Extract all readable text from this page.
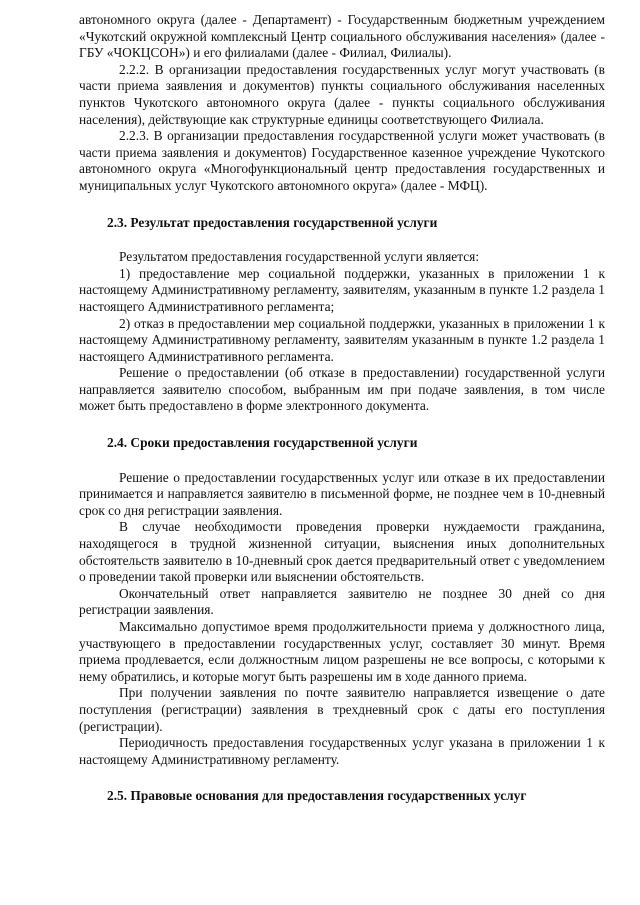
автономного округа (далее - Департамент) - Государственным бюджетным учреждением «Чукотский окружной комплексный Центр социального обслуживания населения» (далее - ГБУ «ЧОКЦСОН») и его филиалами (далее - Филиал, Филиалы).

2.2.2. В организации предоставления государственных услуг могут участвовать (в части приема заявления и документов) пункты социального обслуживания населенных пунктов Чукотского автономного округа (далее - пункты социального обслуживания населения), действующие как структурные единицы соответствующего Филиала.

2.2.3. В организации предоставления государственной услуги может участвовать (в части приема заявления и документов) Государственное казенное учреждение Чукотского автономного округа «Многофункциональный центр предоставления государственных и муниципальных услуг Чукотского автономного округа» (далее - МФЦ).

2.3. Результат предоставления государственной услуги

Результатом предоставления государственной услуги является:

1) предоставление мер социальной поддержки, указанных в приложении 1 к настоящему Административному регламенту, заявителям, указанным в пункте 1.2 раздела 1 настоящего Административного регламента;

2) отказ в предоставлении мер социальной поддержки, указанных в приложении 1 к настоящему Административному регламенту, заявителям указанным в пункте 1.2 раздела 1 настоящего Административного регламента.

Решение о предоставлении (об отказе в предоставлении) государственной услуги направляется заявителю способом, выбранным им при подаче заявления, в том числе может быть предоставлено в форме электронного документа.

2.4. Сроки предоставления государственной услуги

Решение о предоставлении государственных услуг или отказе в их предоставлении принимается и направляется заявителю в письменной форме, не позднее чем в 10-дневный срок со дня регистрации заявления.

В случае необходимости проведения проверки нуждаемости гражданина, находящегося в трудной жизненной ситуации, выяснения иных дополнительных обстоятельств заявителю в 10-дневный срок дается предварительный ответ с уведомлением о проведении такой проверки или выяснении обстоятельств.

Окончательный ответ направляется заявителю не позднее 30 дней со дня регистрации заявления.

Максимально допустимое время продолжительности приема у должностного лица, участвующего в предоставлении государственных услуг, составляет 30 минут. Время приема продлевается, если должностным лицом разрешены не все вопросы, с которыми к нему обратились, и которые могут быть разрешены им в ходе данного приема.

При получении заявления по почте заявителю направляется извещение о дате поступления (регистрации) заявления в трехдневный срок с даты его поступления (регистрации).

Периодичность предоставления государственных услуг указана в приложении 1 к настоящему Административному регламенту.

2.5. Правовые основания для предоставления государственных услуг
